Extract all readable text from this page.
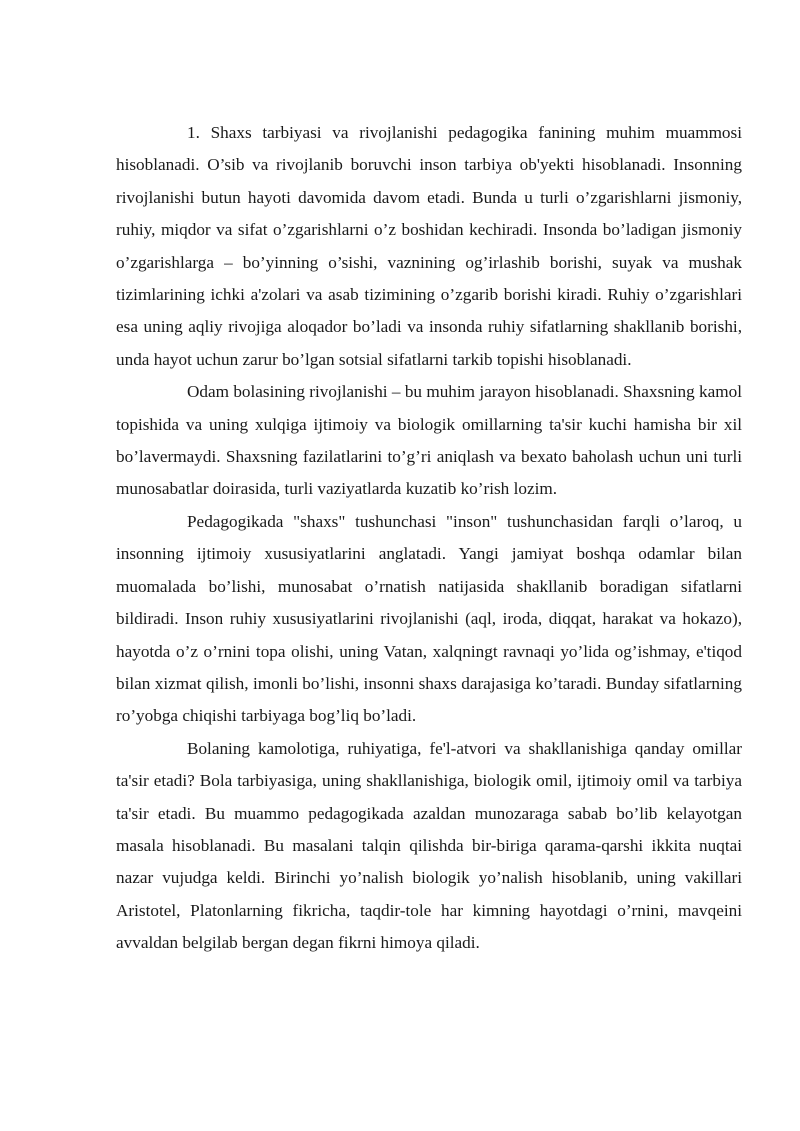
1. Shaxs tarbiyasi va rivojlanishi pedagogika fanining muhim muammosi hisoblanadi. O’sib va rivojlanib boruvchi inson tarbiya ob'yekti hisoblanadi. Insonning rivojlanishi butun hayoti davomida davom etadi. Bunda u turli o’zgarishlarni jismoniy, ruhiy, miqdor va sifat o’zgarishlarni o’z boshidan kechiradi. Insonda bo’ladigan jismoniy o’zgarishlarga – bo’yinning o’sishi, vaznining og’irlashib borishi, suyak va mushak tizimlarining ichki a'zolari va asab tizimining o’zgarib borishi kiradi. Ruhiy o’zgarishlari esa uning aqliy rivojiga aloqador bo’ladi va insonda ruhiy sifatlarning shakllanib borishi, unda hayot uchun zarur bo’lgan sotsial sifatlarni tarkib topishi hisoblanadi.

Odam bolasining rivojlanishi – bu muhim jarayon hisoblanadi. Shaxsning kamol topishida va uning xulqiga ijtimoiy va biologik omillarning ta'sir kuchi hamisha bir xil bo’lavermaydi. Shaxsning fazilatlarini to’g’ri aniqlash va bexato baholash uchun uni turli munosabatlar doirasida, turli vaziyatlarda kuzatib ko’rish lozim.

Pedagogikada "shaxs" tushunchasi "inson" tushunchasidan farqli o’laroq, u insonning ijtimoiy xususiyatlarini anglatadi. Yangi jamiyat boshqa odamlar bilan muomalada bo’lishi, munosabat o’rnatish natijasida shakllanib boradigan sifatlarni bildiradi. Inson ruhiy xususiyatlarini rivojlanishi (aql, iroda, diqqat, harakat va hokazo), hayotda o’z o’rnini topa olishi, uning Vatan, xalqningt ravnaqi yo’lida og’ishmay, e'tiqod bilan xizmat qilish, imonli bo’lishi, insonni shaxs darajasiga ko’taradi. Bunday sifatlarning ro’yobga chiqishi tarbiyaga bog’liq bo’ladi.

Bolaning kamolotiga, ruhiyatiga, fe'l-atvori va shakllanishiga qanday omillar ta'sir etadi? Bola tarbiyasiga, uning shakllanishiga, biologik omil, ijtimoiy omil va tarbiya ta'sir etadi. Bu muammo pedagogikada azaldan munozaraga sabab bo’lib kelayotgan masala hisoblanadi. Bu masalani talqin qilishda bir-biriga qarama-qarshi ikkita nuqtai nazar vujudga keldi. Birinchi yo’nalish biologik yo’nalish hisoblanib, uning vakillari Aristotel, Platonlarning fikricha, taqdir-tole har kimning hayotdagi o’rnini, mavqeini avvaldan belgilab bergan degan fikrni himoya qiladi.
